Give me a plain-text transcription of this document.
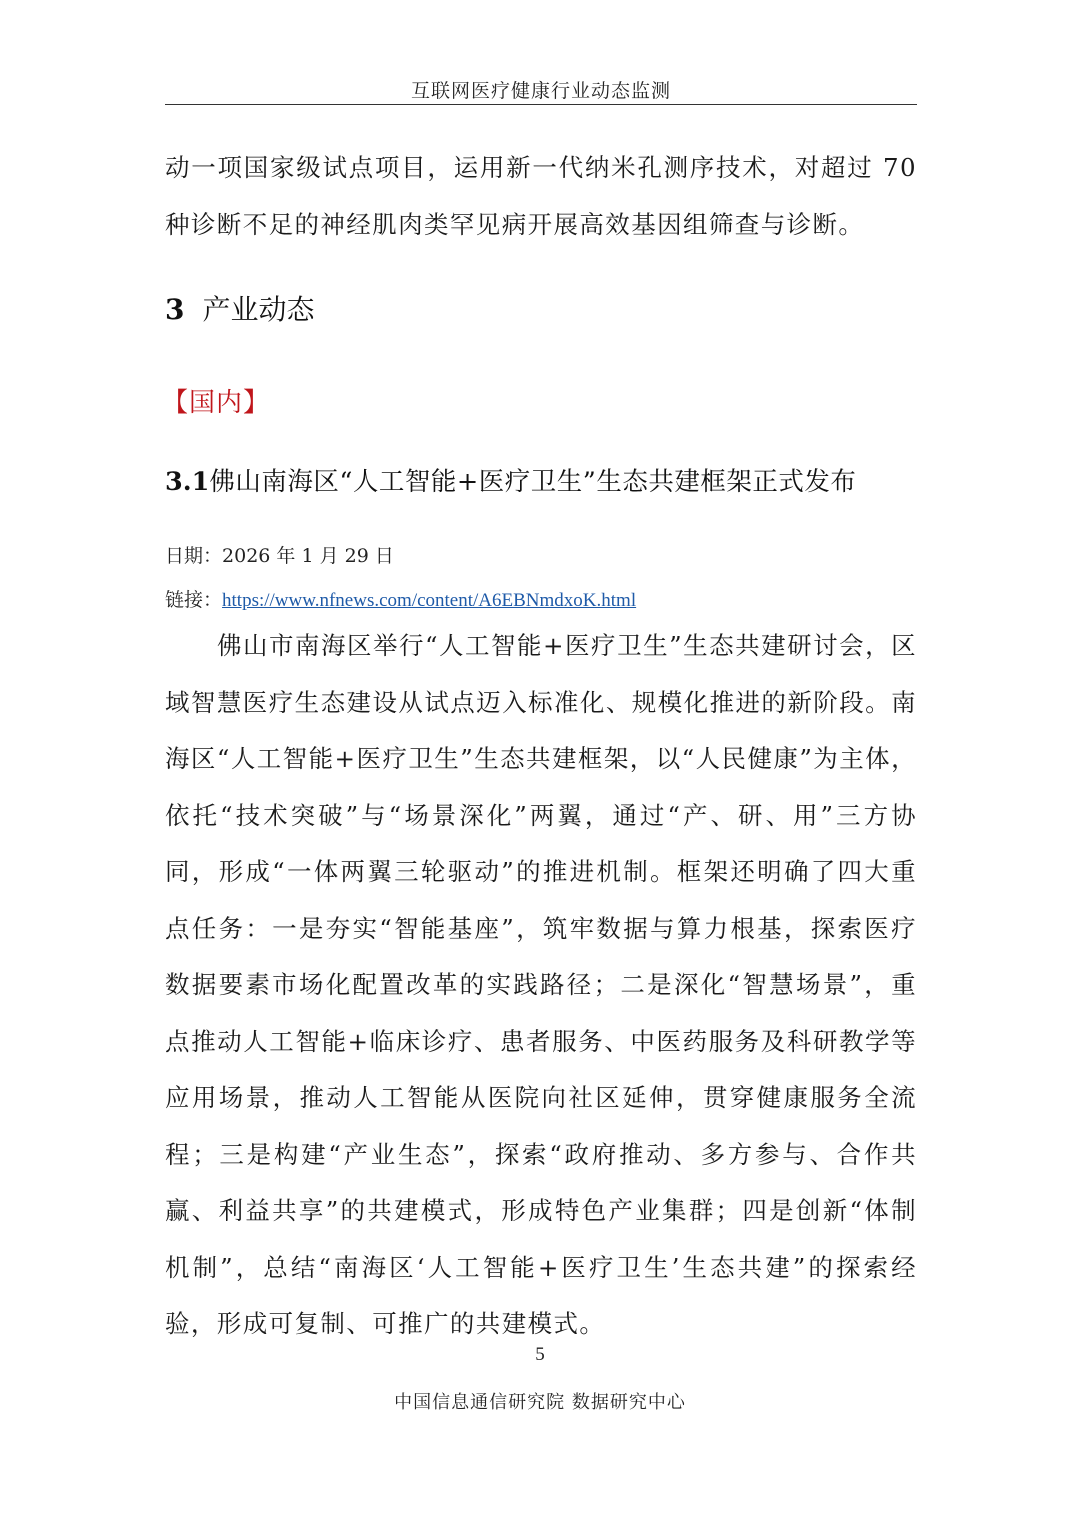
互联网医疗健康行业动态监测

动一项国家级试点项目，运用新一代纳米孔测序技术，对超过 70 种诊断不足的神经肌肉类罕见病开展高效基因组筛查与诊断。

3 产业动态

【国内】

3.1佛山南海区“人工智能+医疗卫生”生态共建框架正式发布
日期：2026 年 1 月 29 日
链接：https://www.nfnews.com/content/A6EBNmdxoK.html

佛山市南海区举行“人工智能+医疗卫生”生态共建研讨会，区域智慧医疗生态建设从试点迈入标准化、规模化推进的新阶段。南海区“人工智能+医疗卫生”生态共建框架，以“人民健康”为主体，依托“技术突破”与“场景深化”两翼，通过“产、研、用”三方协同，形成“一体两翼三轮驱动”的推进机制。框架还明确了四大重点任务：一是夯实“智能基座”，筑牢数据与算力根基，探索医疗数据要素市场化配置改革的实践路径；二是深化“智慧场景”，重点推动人工智能+临床诊疗、患者服务、中医药服务及科研教学等应用场景，推动人工智能从医院向社区延伸，贯穿健康服务全流程；三是构建“产业生态”，探索“政府推动、多方参与、合作共赢、利益共享”的共建模式，形成特色产业集群；四是创新“体制机制”，总结“南海区‘人工智能+医疗卫生’生态共建”的探索经验，形成可复制、可推广的共建模式。

5
中国信息通信研究院 数据研究中心
